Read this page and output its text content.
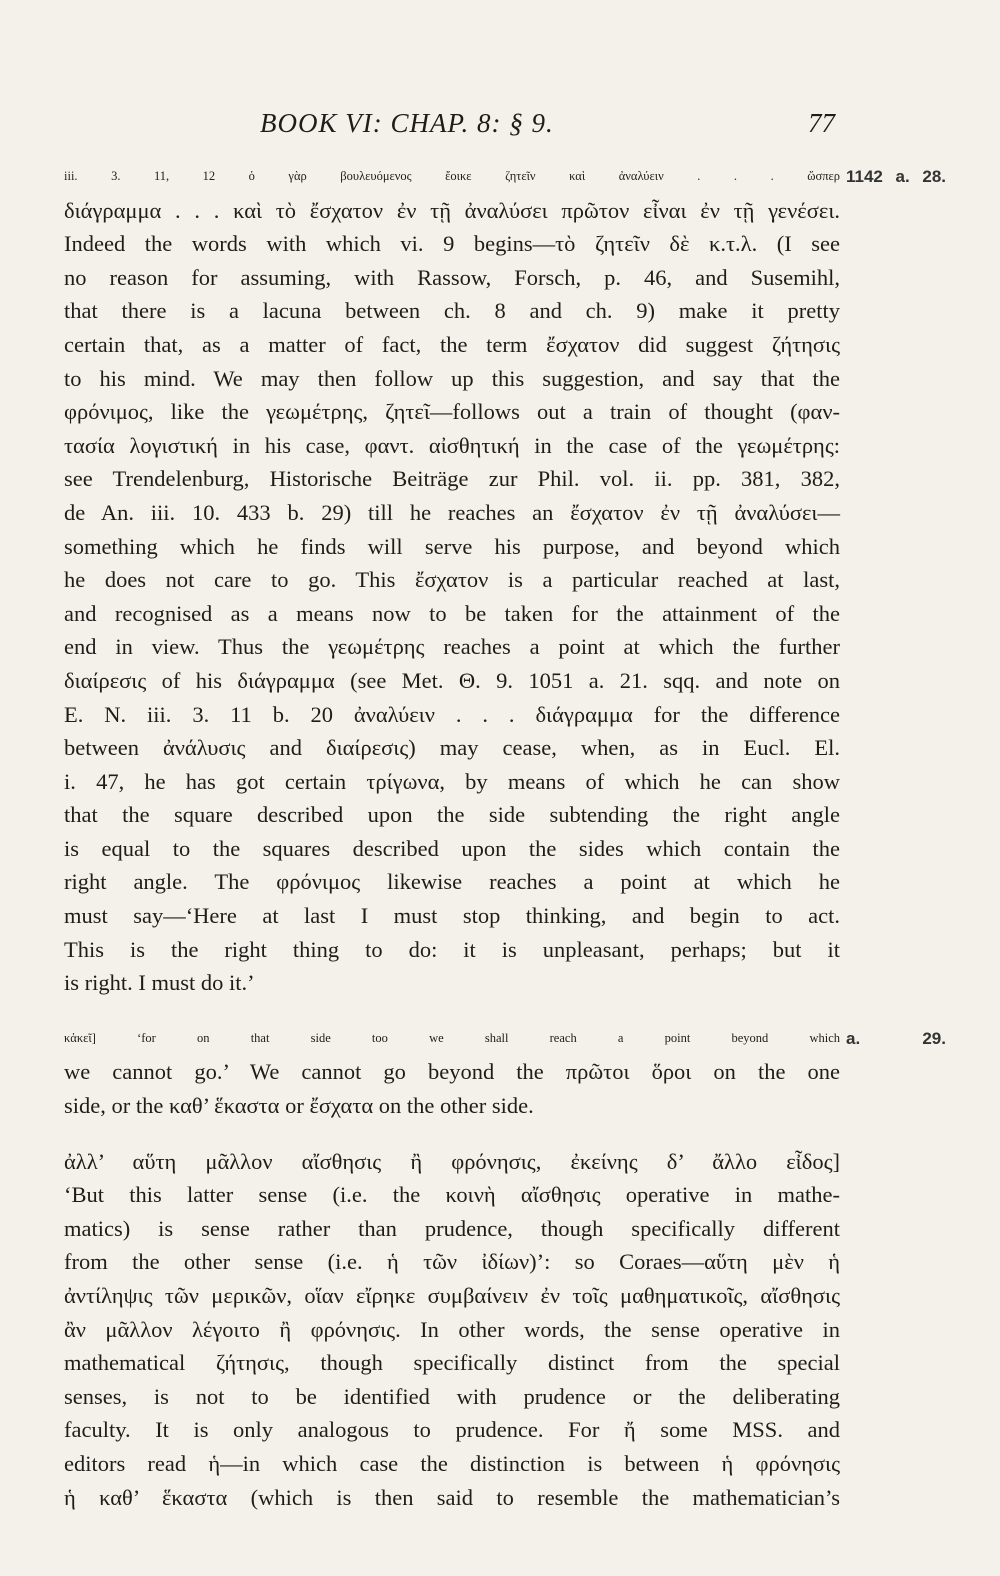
BOOK VI: CHAP. 8: § 9.	77

iii. 3. 11, 12 ὁ γὰρ βουλευόμενος ἔοικε ζητεῖν καὶ ἀναλύειν . . . ὥσπερ 1142 a. 28.
διάγραμμα . . . καὶ τὸ ἔσχατον ἐν τῇ ἀναλύσει πρῶτον εἶναι ἐν τῇ γενέσει.
Indeed the words with which vi. 9 begins—τὸ ζητεῖν δὲ κ.τ.λ. (I see
no reason for assuming, with Rassow, Forsch, p. 46, and Susemihl,
that there is a lacuna between ch. 8 and ch. 9) make it pretty
certain that, as a matter of fact, the term ἔσχατον did suggest ζήτησις
to his mind. We may then follow up this suggestion, and say that the
φρόνιμος, like the γεωμέτρης, ζητεῖ—follows out a train of thought (φαν-
τασία λογιστική in his case, φαντ. αἰσθητική in the case of the γεωμέτρης:
see Trendelenburg, Historische Beiträge zur Phil. vol. ii. pp. 381, 382,
de An. iii. 10. 433 b. 29) till he reaches an ἔσχατον ἐν τῇ ἀναλύσει—
something which he finds will serve his purpose, and beyond which
he does not care to go. This ἔσχατον is a particular reached at last,
and recognised as a means now to be taken for the attainment of the
end in view. Thus the γεωμέτρης reaches a point at which the further
διαίρεσις of his διάγραμμα (see Met. Θ. 9. 1051 a. 21. sqq. and note on
E. N. iii. 3. 11 b. 20 ἀναλύειν . . . διάγραμμα for the difference
between ἀνάλυσις and διαίρεσις) may cease, when, as in Eucl. El.
i. 47, he has got certain τρίγωνα, by means of which he can show
that the square described upon the side subtending the right angle
is equal to the squares described upon the sides which contain the
right angle. The φρόνιμος likewise reaches a point at which he
must say—‘Here at last I must stop thinking, and begin to act.
This is the right thing to do: it is unpleasant, perhaps; but it
is right. I must do it.’

κἀκεῖ] ‘for on that side too we shall reach a point beyond which a. 29.
we cannot go.’ We cannot go beyond the πρῶτοι ὅροι on the one
side, or the καθ’ ἕκαστα or ἔσχατα on the other side.

ἀλλ’ αὕτη μᾶλλον αἴσθησις ἢ φρόνησις, ἐκείνης δ’ ἄλλο εἶδος]
‘But this latter sense (i.e. the κοινὴ αἴσθησις operative in mathe-
matics) is sense rather than prudence, though specifically different
from the other sense (i.e. ἡ τῶν ἰδίων)’: so Coraes—αὕτη μὲν ἡ
ἀντίληψις τῶν μερικῶν, οἵαν εἴρηκε συμβαίνειν ἐν τοῖς μαθηματικοῖς, αἴσθησις
ἂν μᾶλλον λέγοιτο ἢ φρόνησις. In other words, the sense operative in
mathematical ζήτησις, though specifically distinct from the special
senses, is not to be identified with prudence or the deliberating
faculty. It is only analogous to prudence. For ἤ some MSS. and
editors read ἡ—in which case the distinction is between ἡ φρόνησις
ἡ καθ’ ἕκαστα (which is then said to resemble the mathematician’s
